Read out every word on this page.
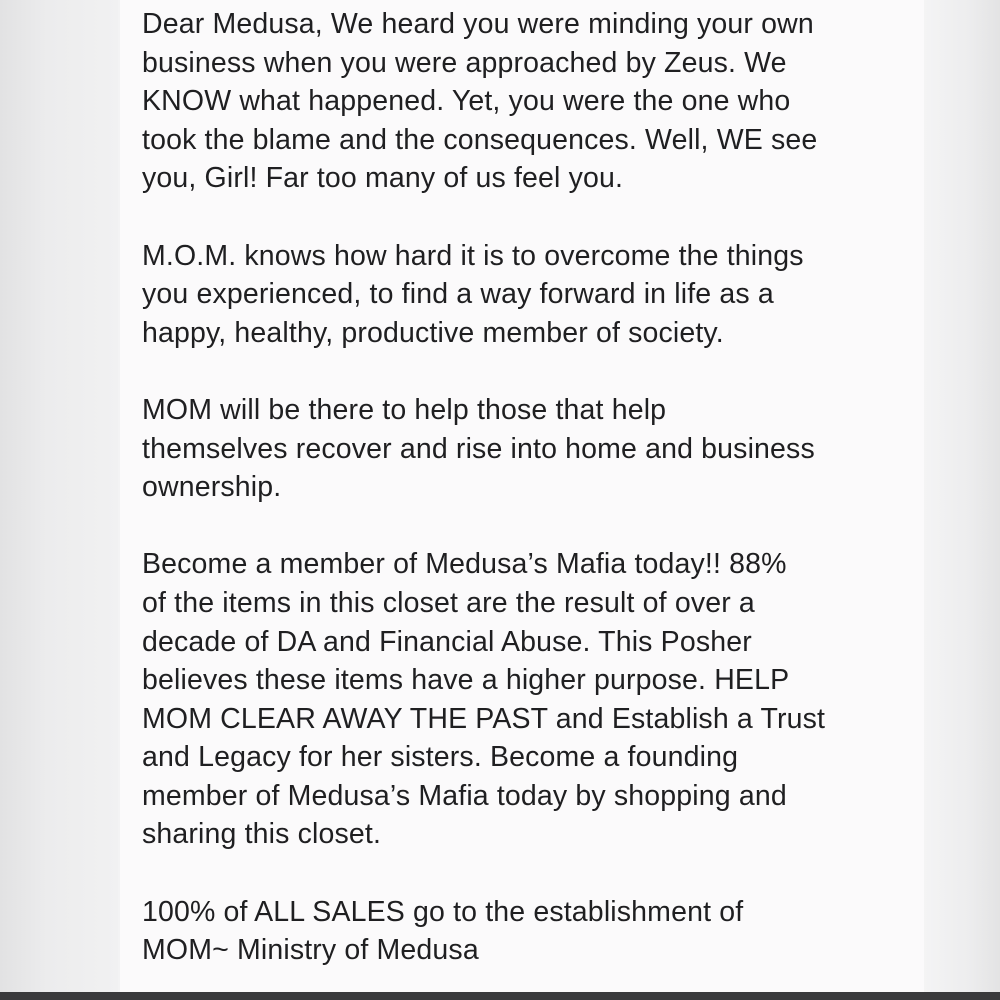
Dear Medusa, We heard you were minding your own
business when you were approached by Zeus. We
KNOW what happened. Yet, you were the one who
took the blame and the consequences. Well, WE see
you, Girl! Far too many of us feel you.

M.O.M. knows how hard it is to overcome the things
you experienced, to find a way forward in life as a
happy, healthy, productive member of society.

MOM will be there to help those that help
themselves recover and rise into home and business
ownership.

Become a member of Medusa’s Mafia today!! 88%
of the items in this closet are the result of over a
decade of DA and Financial Abuse. This Posher
believes these items have a higher purpose. HELP
MOM CLEAR AWAY THE PAST and Establish a Trust
and Legacy for her sisters. Become a founding
member of Medusa’s Mafia today by shopping and
sharing this closet.

100% of ALL SALES go to the establishment of
MOM~ Ministry of Medusa
